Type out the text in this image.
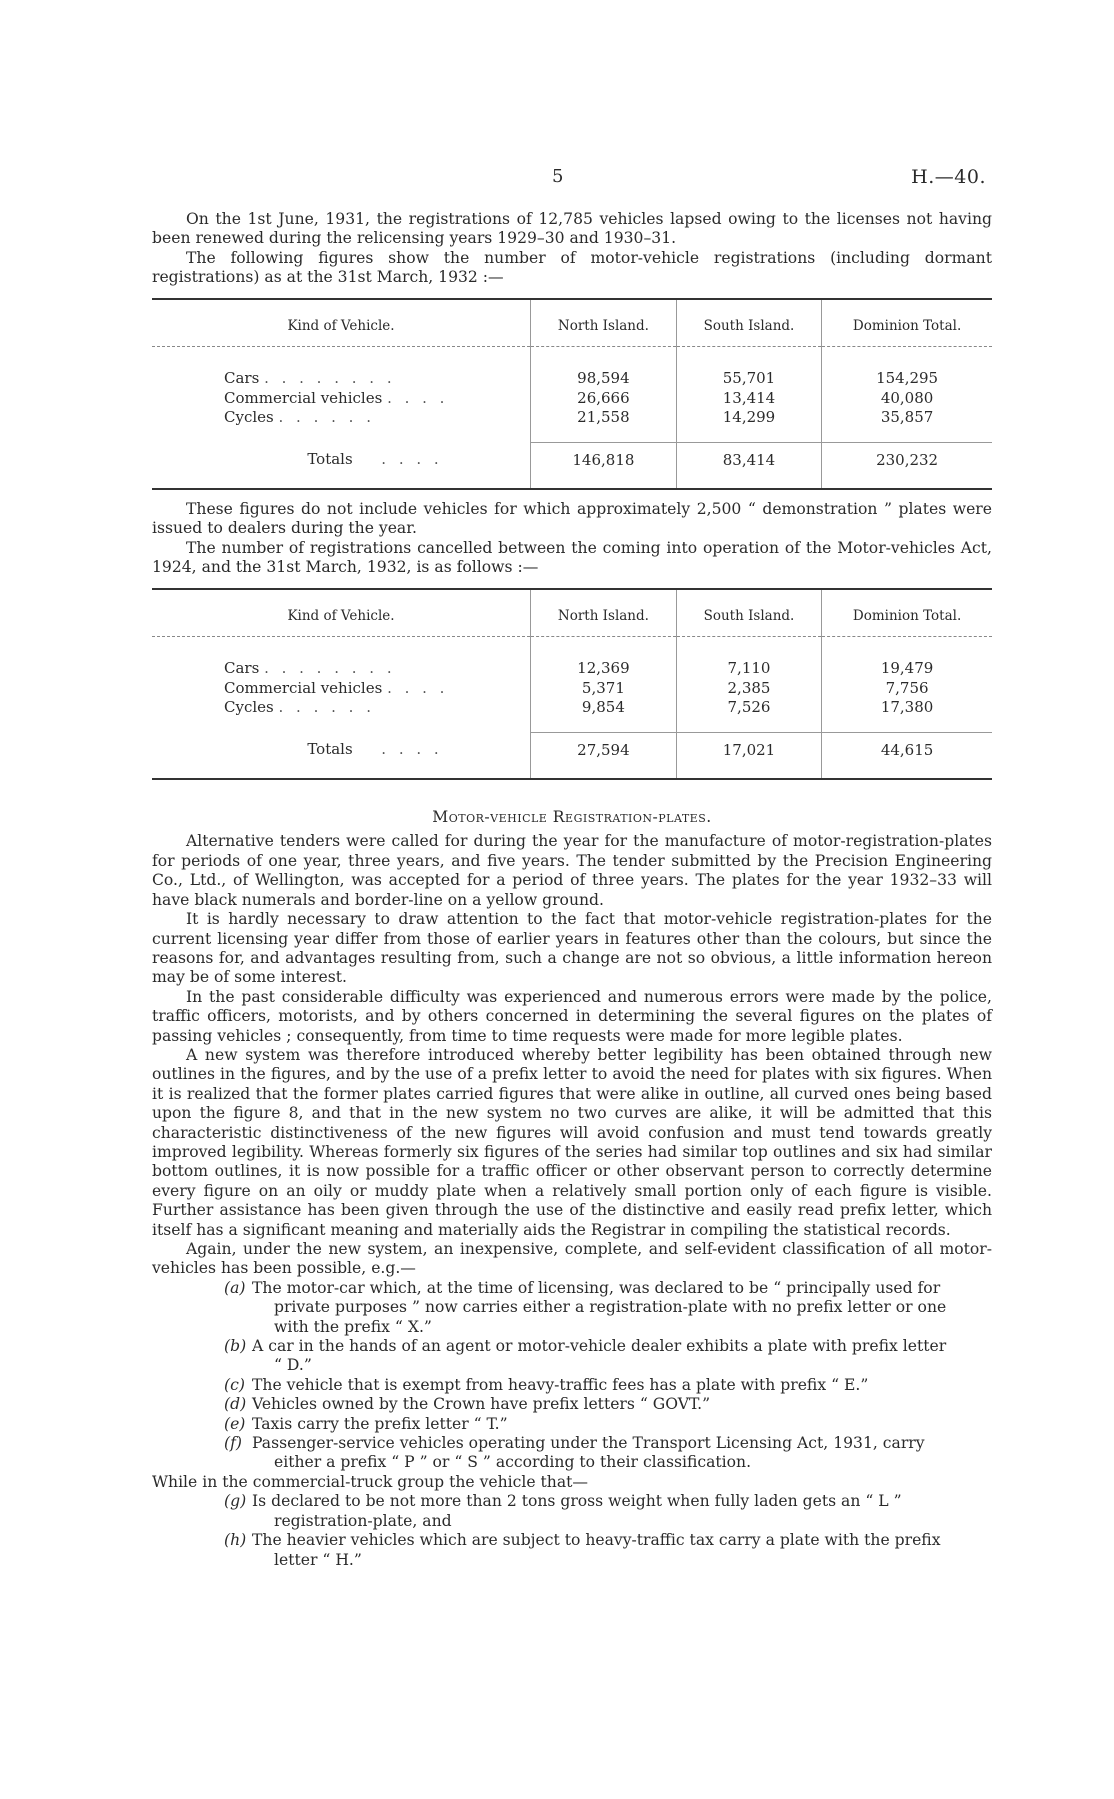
5	H.—40.

On the 1st June, 1931, the registrations of 12,785 vehicles lapsed owing to the licenses not having been renewed during the relicensing years 1929–30 and 1930–31.

The following figures show the number of motor-vehicle registrations (including dormant registrations) as at the 31st March, 1932 :—

Kind of Vehicle.	North Island.	South Island.	Dominion Total.
Cars . . . . . . . .	98,594	55,701	154,295
Commercial vehicles . . . .	26,666	13,414	40,080
Cycles . . . . . .	21,558	14,299	35,857
Totals . . . .	146,818	83,414	230,232

These figures do not include vehicles for which approximately 2,500 “ demonstration ” plates were issued to dealers during the year.

The number of registrations cancelled between the coming into operation of the Motor-vehicles Act, 1924, and the 31st March, 1932, is as follows :—

Kind of Vehicle.	North Island.	South Island.	Dominion Total.
Cars . . . . . . . .	12,369	7,110	19,479
Commercial vehicles . . . .	5,371	2,385	7,756
Cycles . . . . . .	9,854	7,526	17,380
Totals . . . .	27,594	17,021	44,615
Motor-vehicle Registration-plates.

Alternative tenders were called for during the year for the manufacture of motor-registration-plates for periods of one year, three years, and five years. The tender submitted by the Precision Engineering Co., Ltd., of Wellington, was accepted for a period of three years. The plates for the year 1932–33 will have black numerals and border-line on a yellow ground.

It is hardly necessary to draw attention to the fact that motor-vehicle registration-plates for the current licensing year differ from those of earlier years in features other than the colours, but since the reasons for, and advantages resulting from, such a change are not so obvious, a little information hereon may be of some interest.

In the past considerable difficulty was experienced and numerous errors were made by the police, traffic officers, motorists, and by others concerned in determining the several figures on the plates of passing vehicles ; consequently, from time to time requests were made for more legible plates.

A new system was therefore introduced whereby better legibility has been obtained through new outlines in the figures, and by the use of a prefix letter to avoid the need for plates with six figures. When it is realized that the former plates carried figures that were alike in outline, all curved ones being based upon the figure 8, and that in the new system no two curves are alike, it will be admitted that this characteristic distinctiveness of the new figures will avoid confusion and must tend towards greatly improved legibility. Whereas formerly six figures of the series had similar top outlines and six had similar bottom outlines, it is now possible for a traffic officer or other observant person to correctly determine every figure on an oily or muddy plate when a relatively small portion only of each figure is visible. Further assistance has been given through the use of the distinctive and easily read prefix letter, which itself has a significant meaning and materially aids the Registrar in compiling the statistical records.

Again, under the new system, an inexpensive, complete, and self-evident classification of all motor-vehicles has been possible, e.g.—

(a) The motor-car which, at the time of licensing, was declared to be “ principally used for
private purposes ” now carries either a registration-plate with no prefix letter or one
with the prefix “ X.”
(b) A car in the hands of an agent or motor-vehicle dealer exhibits a plate with prefix letter
“ D.”
(c) The vehicle that is exempt from heavy-traffic fees has a plate with prefix “ E.”
(d) Vehicles owned by the Crown have prefix letters “ GOVT.”
(e) Taxis carry the prefix letter “ T.”
(f) Passenger-service vehicles operating under the Transport Licensing Act, 1931, carry
either a prefix “ P ” or “ S ” according to their classification.

While in the commercial-truck group the vehicle that—

(g) Is declared to be not more than 2 tons gross weight when fully laden gets an “ L ”
registration-plate, and
(h) The heavier vehicles which are subject to heavy-traffic tax carry a plate with the prefix
letter “ H.”
